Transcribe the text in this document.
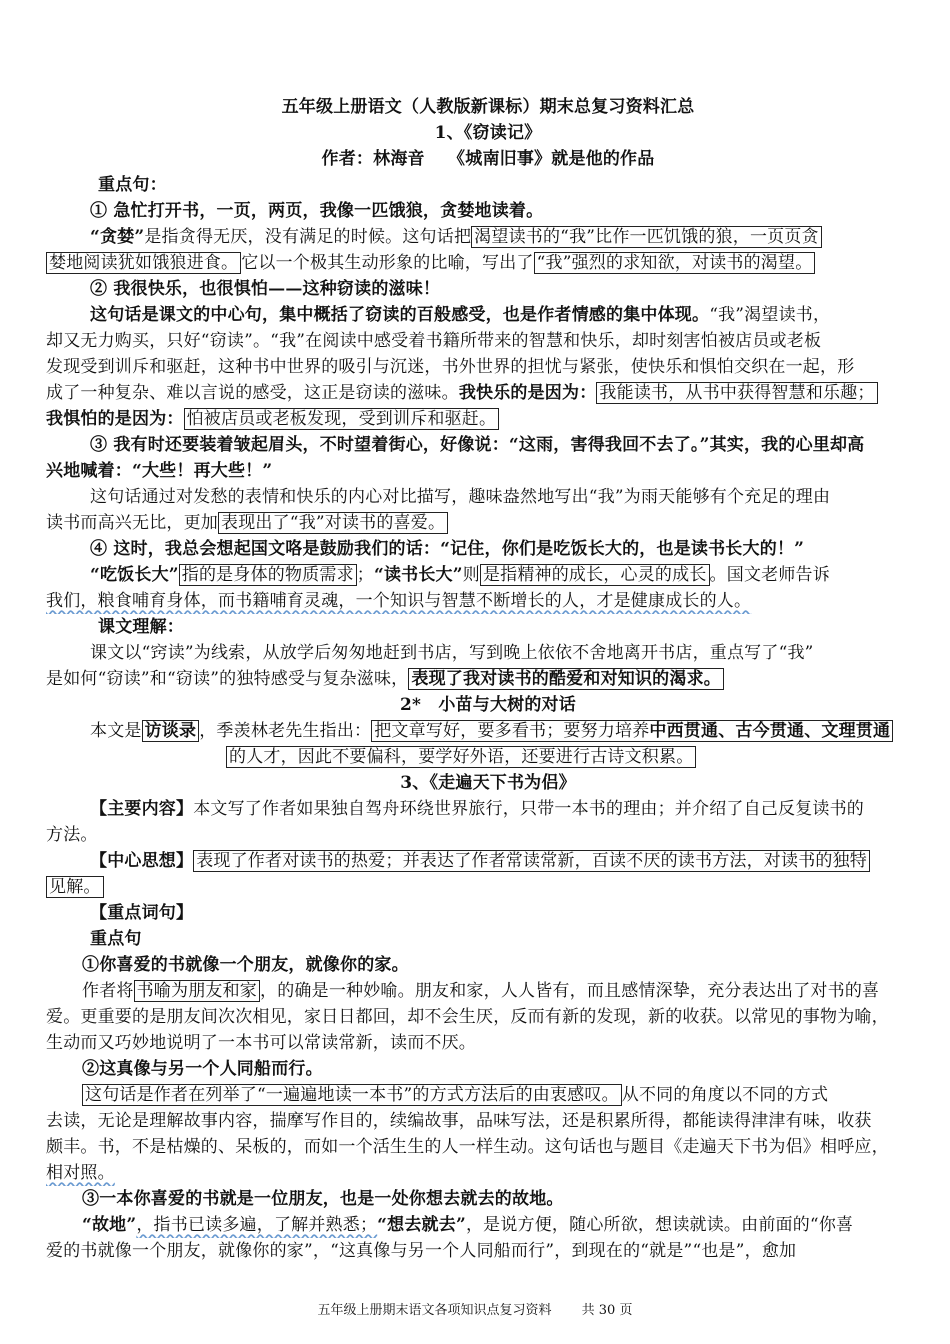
五年级上册语文（人教版新课标）期末总复习资料汇总
1、《窃读记》
作者：林海音　 《城南旧事》就是他的作品
重点句：
① 急忙打开书，一页，两页，我像一匹饿狼，贪婪地读着。
“贪婪”是指贪得无厌，没有满足的时候。这句话把 渴望读书的“我”比作一匹饥饿的狼，一页页贪
婪地阅读犹如饿狼进食。 它以一个极其生动形象的比喻，写出了 “我”强烈的求知欲，对读书的渴望。
② 我很快乐，也很惧怕——这种窃读的滋味！
这句话是课文的中心句，集中概括了窃读的百般感受，也是作者情感的集中体现。“我”渴望读书，
却又无力购买，只好“窃读”。“我”在阅读中感受着书籍所带来的智慧和快乐，却时刻害怕被店员或老板
发现受到训斥和驱赶，这种书中世界的吸引与沉迷，书外世界的担忧与紧张，使快乐和惧怕交织在一起，形
成了一种复杂、难以言说的感受，这正是窃读的滋味。我快乐的是因为： 我能读书，从书中获得智慧和乐趣；
我惧怕的是因为： 怕被店员或老板发现，受到训斥和驱赶。
③ 我有时还要装着皱起眉头，不时望着街心，好像说：“这雨，害得我回不去了。”其实，我的心里却高
兴地喊着：“大些！再大些！”
这句话通过对发愁的表情和快乐的内心对比描写，趣味盎然地写出“我”为雨天能够有个充足的理由
读书而高兴无比，更加 表现出了“我”对读书的喜爱。
④ 这时，我总会想起国文咯是鼓励我们的话：“记住，你们是吃饭长大的，也是读书长大的！”
“吃饭长大” 指的是身体的物质需求 ；“读书长大”则 是指精神的成长，心灵的成长 。国文老师告诉
我们，粮食哺育身体，而书籍哺育灵魂，一个知识与智慧不断增长的人，才是健康成长的人。
课文理解：
课文以“窍读”为线索，从放学后匆匆地赶到书店，写到晚上依依不舍地离开书店，重点写了“我”
是如何“窃读”和“窃读”的独特感受与复杂滋味， 表现了我对读书的酷爱和对知识的渴求。
2*　小苗与大树的对话
本文是 访谈录 ，季羡林老先生指出： 把文章写好，要多看书；要努力培养中西贯通、古今贯通、文理贯通
的人才，因此不要偏科，要学好外语，还要进行古诗文积累。
3、《走遍天下书为侣》
【主要内容】本文写了作者如果独自驾舟环绕世界旅行，只带一本书的理由；并介绍了自己反复读书的
方法。
【中心思想】 表现了作者对读书的热爱；并表达了作者常读常新，百读不厌的读书方法，对读书的独特
见解。
【重点词句】
重点句
①你喜爱的书就像一个朋友，就像你的家。
作者将 书喻为朋友和家 ，的确是一种妙喻。朋友和家，人人皆有，而且感情深挚，充分表达出了对书的喜
爱。更重要的是朋友间次次相见，家日日都回，却不会生厌，反而有新的发现，新的收获。以常见的事物为喻，
生动而又巧妙地说明了一本书可以常读常新，读而不厌。
②这真像与另一个人同船而行。
这句话是作者在列举了“一遍遍地读一本书”的方式方法后的由衷感叹。 从不同的角度以不同的方式
去读，无论是理解故事内容，揣摩写作目的，续编故事，品味写法，还是积累所得，都能读得津津有味，收获
颇丰。书，不是枯燥的、呆板的，而如一个活生生的人一样生动。这句话也与题目《走遍天下书为侣》相呼应，
相对照。
③一本你喜爱的书就是一位朋友，也是一处你想去就去的故地。
“故地”，指书已读多遍，了解并熟悉；“想去就去”，是说方便，随心所欲，想读就读。由前面的“你喜
爱的书就像一个朋友，就像你的家”，“这真像与另一个人同船而行”，到现在的“就是”“也是”，愈加
五年级上册期末语文各项知识点复习资料　　 共 30 页
